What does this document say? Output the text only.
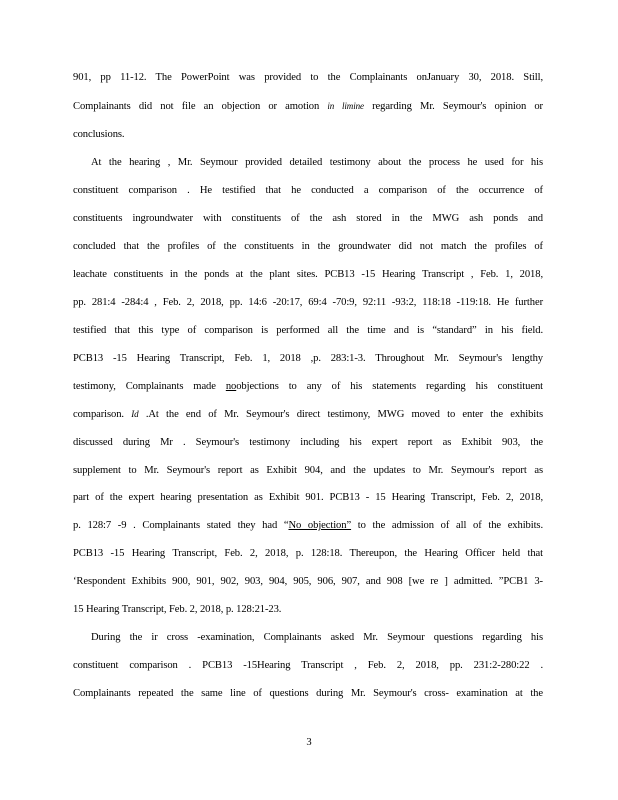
901, pp 11-12. The PowerPoint was provided to the Complainants onJanuary 30, 2018. Still,
Complainants did not file an objection or amotion in limine regarding Mr. Seymour's opinion or
conclusions.
At the hearing , Mr. Seymour provided detailed testimony about the process he used for his
constituent comparison . He testified that he conducted a comparison of the occurrence of
constituents ingroundwater with constituents of the ash stored in the MWG ash ponds and
concluded that the profiles of the constituents in the groundwater did not match the profiles of
leachate constituents in the ponds at the plant sites. PCB13 -15 Hearing Transcript , Feb. 1, 2018,
pp. 281:4 -284:4 , Feb. 2, 2018, pp. 14:6 -20:17, 69:4 -70:9, 92:11 -93:2, 118:18 -119:18. He further
testified that this type of comparison is performed all the time and is “standard” in his field.
PCB13 -15 Hearing Transcript, Feb. 1, 2018 ,p. 283:1-3. Throughout Mr. Seymour's lengthy
testimony, Complainants made noobjections to any of his statements regarding his constituent
comparison. Id .At the end of Mr. Seymour's direct testimony, MWG moved to enter the exhibits
discussed during Mr . Seymour's testimony including his expert report as Exhibit 903, the
supplement to Mr. Seymour's report as Exhibit 904, and the updates to Mr. Seymour's report as
part of the expert hearing presentation as Exhibit 901. PCB13 - 15 Hearing Transcript, Feb. 2, 2018,
p. 128:7 -9 . Complainants stated they had “No objection” to the admission of all of the exhibits.
PCB13 -15 Hearing Transcript, Feb. 2, 2018, p. 128:18. Thereupon, the Hearing Officer held that
‘Respondent Exhibits 900, 901, 902, 903, 904, 905, 906, 907, and 908 [we re ] admitted. ”PCB1 3-
15 Hearing Transcript, Feb. 2, 2018, p. 128:21-23.
During the ir cross -examination, Complainants asked Mr. Seymour questions regarding his
constituent comparison . PCB13 -15Hearing Transcript , Feb. 2, 2018, pp. 231:2-280:22 .
Complainants repeated the same line of questions during Mr. Seymour's cross- examination at the
3
